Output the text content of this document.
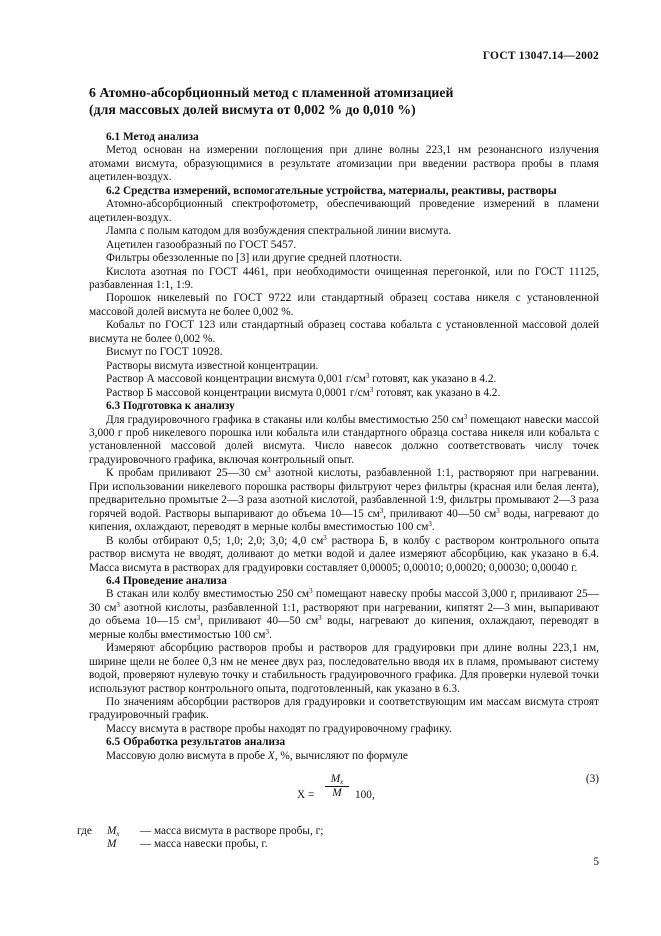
ГОСТ 13047.14—2002
6 Атомно-абсорбционный метод с пламенной атомизацией
(для массовых долей висмута от 0,002 % до 0,010 %)

6.1 Метод анализа

Метод основан на измерении поглощения при длине волны 223,1 нм резонансного излучения атомами висмута, образующимися в результате атомизации при введении раствора пробы в пламя ацетилен-воздух.

6.2 Средства измерений, вспомогательные устройства, материалы, реактивы, растворы

Атомно-абсорбционный спектрофотометр, обеспечивающий проведение измерений в пламени ацетилен-воздух.

Лампа с полым катодом для возбуждения спектральной линии висмута.

Ацетилен газообразный по ГОСТ 5457.

Фильтры обеззоленные по [3] или другие средней плотности.

Кислота азотная по ГОСТ 4461, при необходимости очищенная перегонкой, или по ГОСТ 11125, разбавленная 1:1, 1:9.

Порошок никелевый по ГОСТ 9722 или стандартный образец состава никеля с установленной массовой долей висмута не более 0,002 %.

Кобальт по ГОСТ 123 или стандартный образец состава кобальта с установленной массовой долей висмута не более 0,002 %.

Висмут по ГОСТ 10928.

Растворы висмута известной концентрации.

Раствор А массовой концентрации висмута 0,001 $г/см^3$ готовят, как указано в 4.2.

Раствор Б массовой концентрации висмута 0,0001 $г/см^3$ готовят, как указано в 4.2.

6.3 Подготовка к анализу

Для градуировочного графика в стаканы или колбы вместимостью 250 $см^3$ помещают навески массой 3,000 г проб никелевого порошка или кобальта или стандартного образца состава никеля или кобальта с установленной массовой долей висмута. Число навесок должно соответствовать числу точек градуировочного графика, включая контрольный опыт.

К пробам приливают 25—30 $см^3$ азотной кислоты, разбавленной 1:1, растворяют при нагревании. При использовании никелевого порошка растворы фильтруют через фильтры (красная или белая лента), предварительно промытые 2—3 раза азотной кислотой, разбавленной 1:9, фильтры промывают 2—3 раза горячей водой. Растворы выпаривают до объема 10—15 $см^3$, приливают 40—50 $см^3$ воды, нагревают до кипения, охлаждают, переводят в мерные колбы вместимостью 100 $см^3$.

В колбы отбирают 0,5; 1,0; 2,0; 3,0; 4,0 $см^3$ раствора Б, в колбу с раствором контрольного опыта раствор висмута не вводят, доливают до метки водой и далее измеряют абсорбцию, как указано в 6.4. Масса висмута в растворах для градуировки составляет 0,00005; 0,00010; 0,00020; 0,00030; 0,00040 г.

6.4 Проведение анализа

В стакан или колбу вместимостью 250 $см^3$ помещают навеску пробы массой 3,000 г, приливают 25—30 $см^3$ азотной кислоты, разбавленной 1:1, растворяют при нагревании, кипятят 2—3 мин, выпаривают до объема 10—15 $см^3$, приливают 40—50 $см^3$ воды, нагревают до кипения, охлаждают, переводят в мерные колбы вместимостью 100 $см^3$.

Измеряют абсорбцию растворов пробы и растворов для градуировки при длине волны 223,1 нм, ширине щели не более 0,3 нм не менее двух раз, последовательно вводя их в пламя, промывают систему водой, проверяют нулевую точку и стабильность градуировочного графика. Для проверки нулевой точки используют раствор контрольного опыта, подготовленный, как указано в 6.3.

По значениям абсорбции растворов для градуировки и соответствующим им массам висмута строят градуировочный график.

Массу висмута в растворе пробы находят по градуировочному графику.

6.5 Обработка результатов анализа

Массовую долю висмута в пробе X, %, вычисляют по формуле

$X = \frac{M_x}{M} 100$,
(3)
где $M_x$ — масса висмута в растворе пробы, г;
M — масса навески пробы, г.
5
